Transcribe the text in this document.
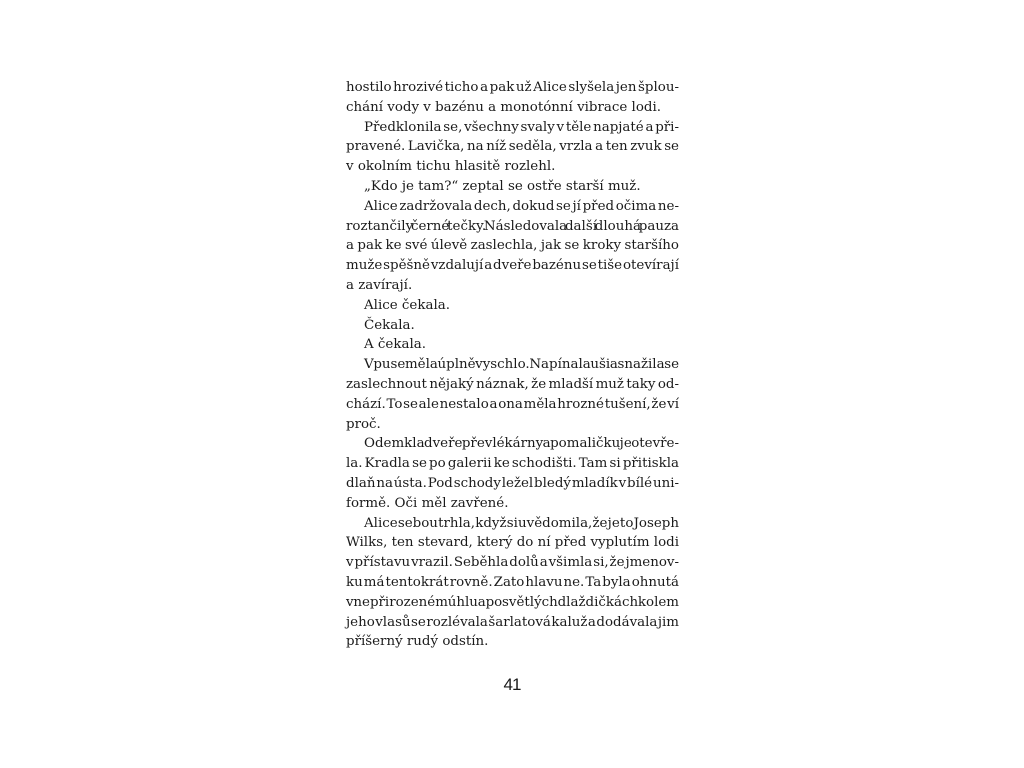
hostilo hrozivé ticho a pak už Alice slyšela jen šplou-
chání vody v bazénu a monotónní vibrace lodi.
Předklonila se, všechny svaly v těle napjaté a při-
pravené. Lavička, na níž seděla, vrzla a ten zvuk se
v okolním tichu hlasitě rozlehl.
„Kdo je tam?“ zeptal se ostře starší muž.
Alice zadržovala dech, dokud se jí před očima ne-
roztančily černé tečky. Následovala další dlouhá pauza
a pak ke své úlevě zaslechla, jak se kroky staršího
muže spěšně vzdalují a dveře bazénu se tiše otevírají
a zavírají.
Alice čekala.
Čekala.
A čekala.
V puse měla úplně vyschlo. Napínala uši a snažila se
zaslechnout nějaký náznak, že mladší muž taky od-
chází. To se ale nestalo a ona měla hrozné tušení, že ví
proč.
Odemkla dveře převlékárny a pomaličku je otevře-
la. Kradla se po galerii ke schodišti. Tam si přitiskla
dlaň na ústa. Pod schody ležel bledý mladík v bílé uni-
formě. Oči měl zavřené.
Alice sebou trhla, když si uvědomila, že je to Joseph
Wilks, ten stevard, který do ní před vyplutím lodi
v přístavu vrazil. Seběhla dolů a všimla si, že jmenov-
ku má tentokrát rovně. Zato hlavu ne. Ta byla ohnutá
v nepřirozeném úhlu a po světlých dlaždičkách kolem
jeho vlasů se rozlévala šarlatová kaluž a dodávala jim
příšerný rudý odstín.
41
